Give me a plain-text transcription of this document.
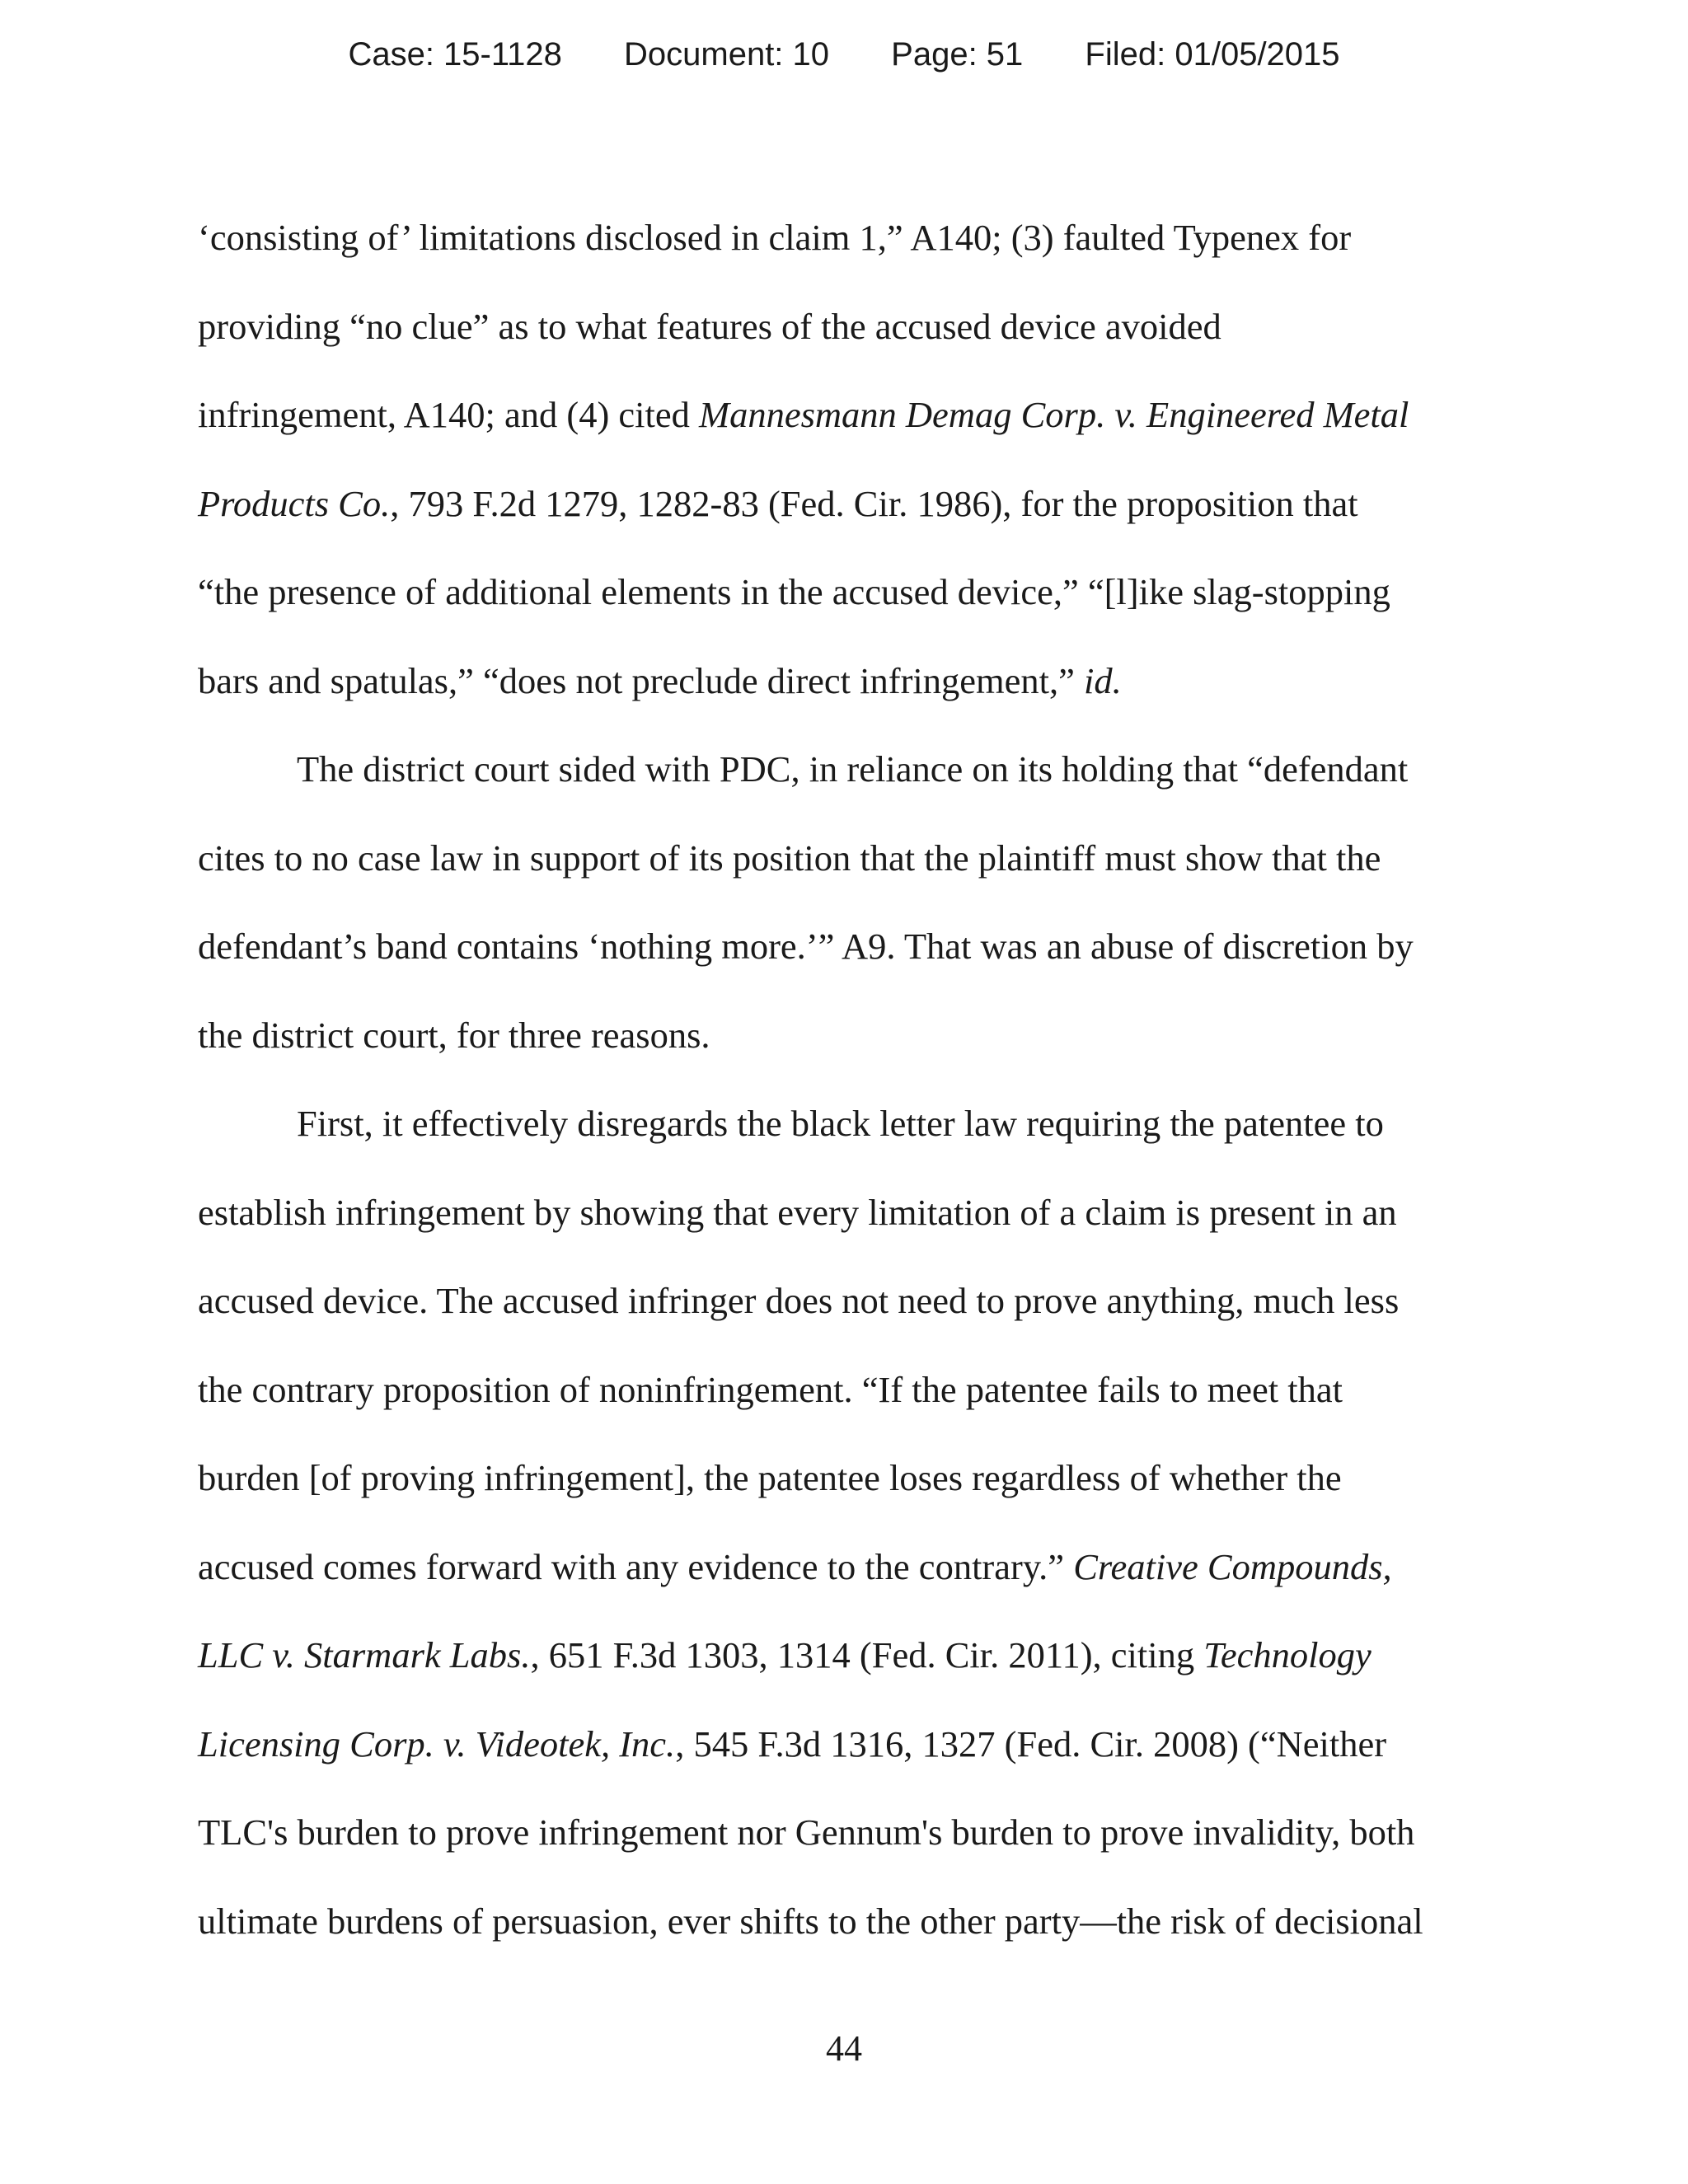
Case: 15-1128 Document: 10 Page: 51 Filed: 01/05/2015
‘consisting of’ limitations disclosed in claim 1,” A140; (3) faulted Typenex for
providing “no clue” as to what features of the accused device avoided
infringement, A140; and (4) cited Mannesmann Demag Corp. v. Engineered Metal
Products Co., 793 F.2d 1279, 1282-83 (Fed. Cir. 1986), for the proposition that
“the presence of additional elements in the accused device,” “[l]ike slag-stopping
bars and spatulas,” “does not preclude direct infringement,” id.
The district court sided with PDC, in reliance on its holding that “defendant
cites to no case law in support of its position that the plaintiff must show that the
defendant’s band contains ‘nothing more.’” A9. That was an abuse of discretion by
the district court, for three reasons.
First, it effectively disregards the black letter law requiring the patentee to
establish infringement by showing that every limitation of a claim is present in an
accused device. The accused infringer does not need to prove anything, much less
the contrary proposition of noninfringement. “If the patentee fails to meet that
burden [of proving infringement], the patentee loses regardless of whether the
accused comes forward with any evidence to the contrary.” Creative Compounds,
LLC v. Starmark Labs., 651 F.3d 1303, 1314 (Fed. Cir. 2011), citing Technology
Licensing Corp. v. Videotek, Inc., 545 F.3d 1316, 1327 (Fed. Cir. 2008) (“Neither
TLC's burden to prove infringement nor Gennum's burden to prove invalidity, both
ultimate burdens of persuasion, ever shifts to the other party—the risk of decisional
44
